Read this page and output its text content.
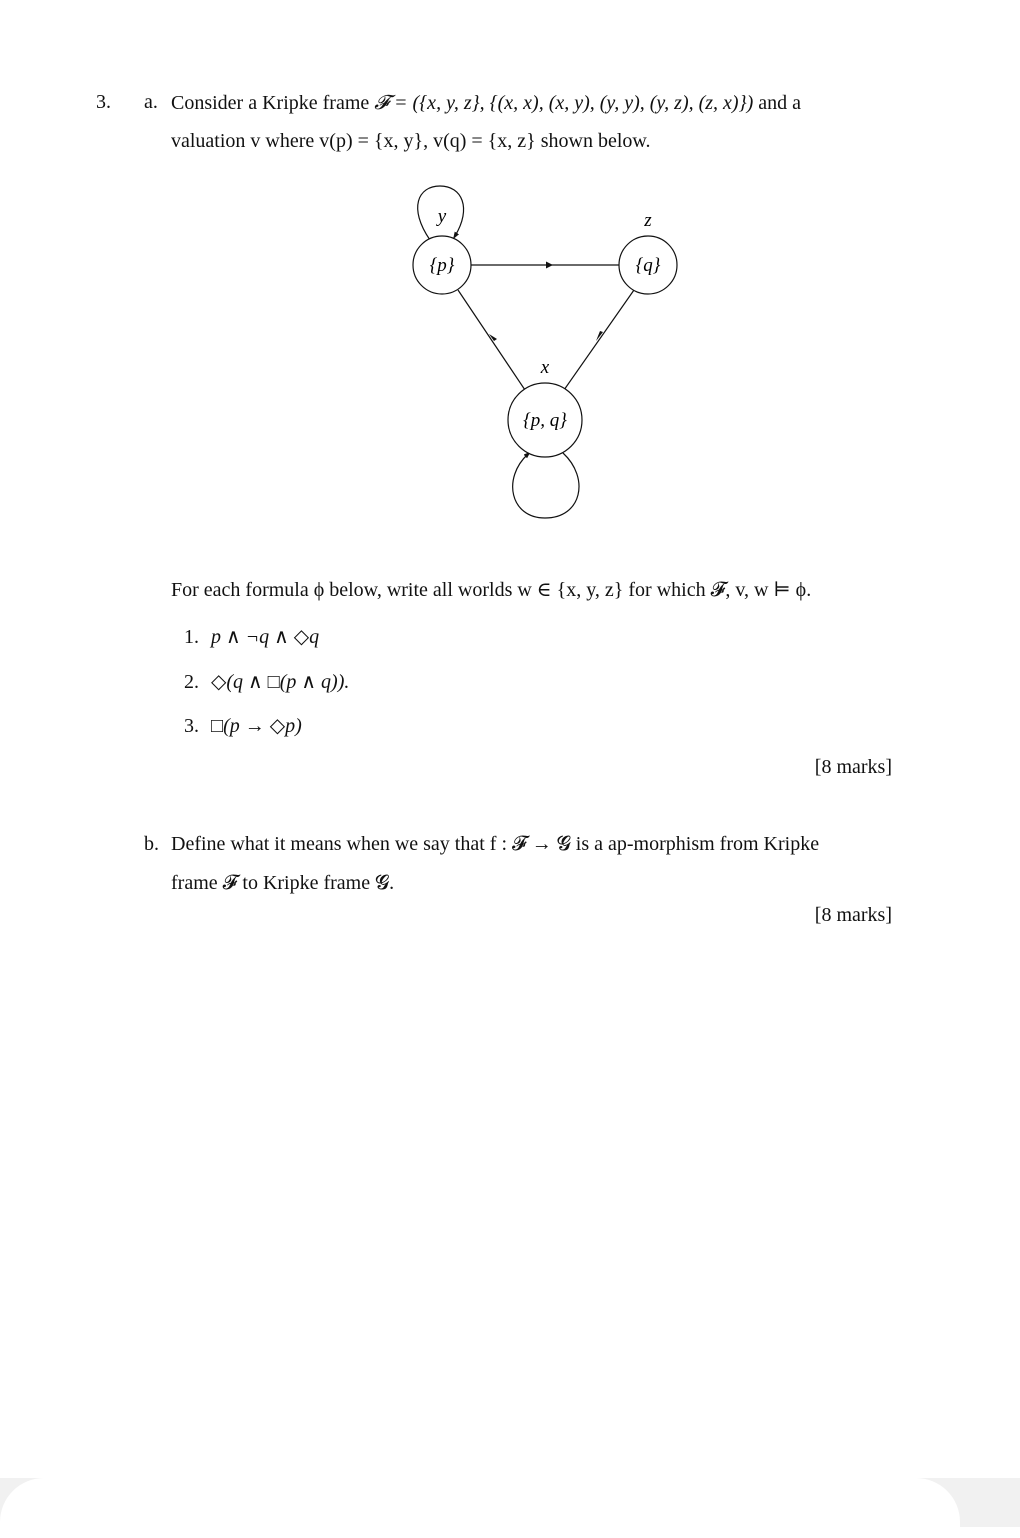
3. a. Consider a Kripke frame 𝓕 = ({x, y, z}, {(x, x), (x, y), (y, y), (y, z), (z, x)}) and a
valuation v where v(p) = {x, y}, v(q) = {x, z} shown below.
{p}
y
{q}
z
{p, q}
x
For each formula ϕ below, write all worlds w ∈ {x, y, z} for which 𝓕, v, w ⊨ ϕ.
1. p ∧ ¬q ∧ ◇q
2. ◇(q ∧ □(p ∧ q)).
3. □(p → ◇p)
[8 marks]
b. Define what it means when we say that f : 𝓕 → 𝓖 is a ap-morphism from Kripke
frame 𝓕 to Kripke frame 𝓖.
[8 marks]
